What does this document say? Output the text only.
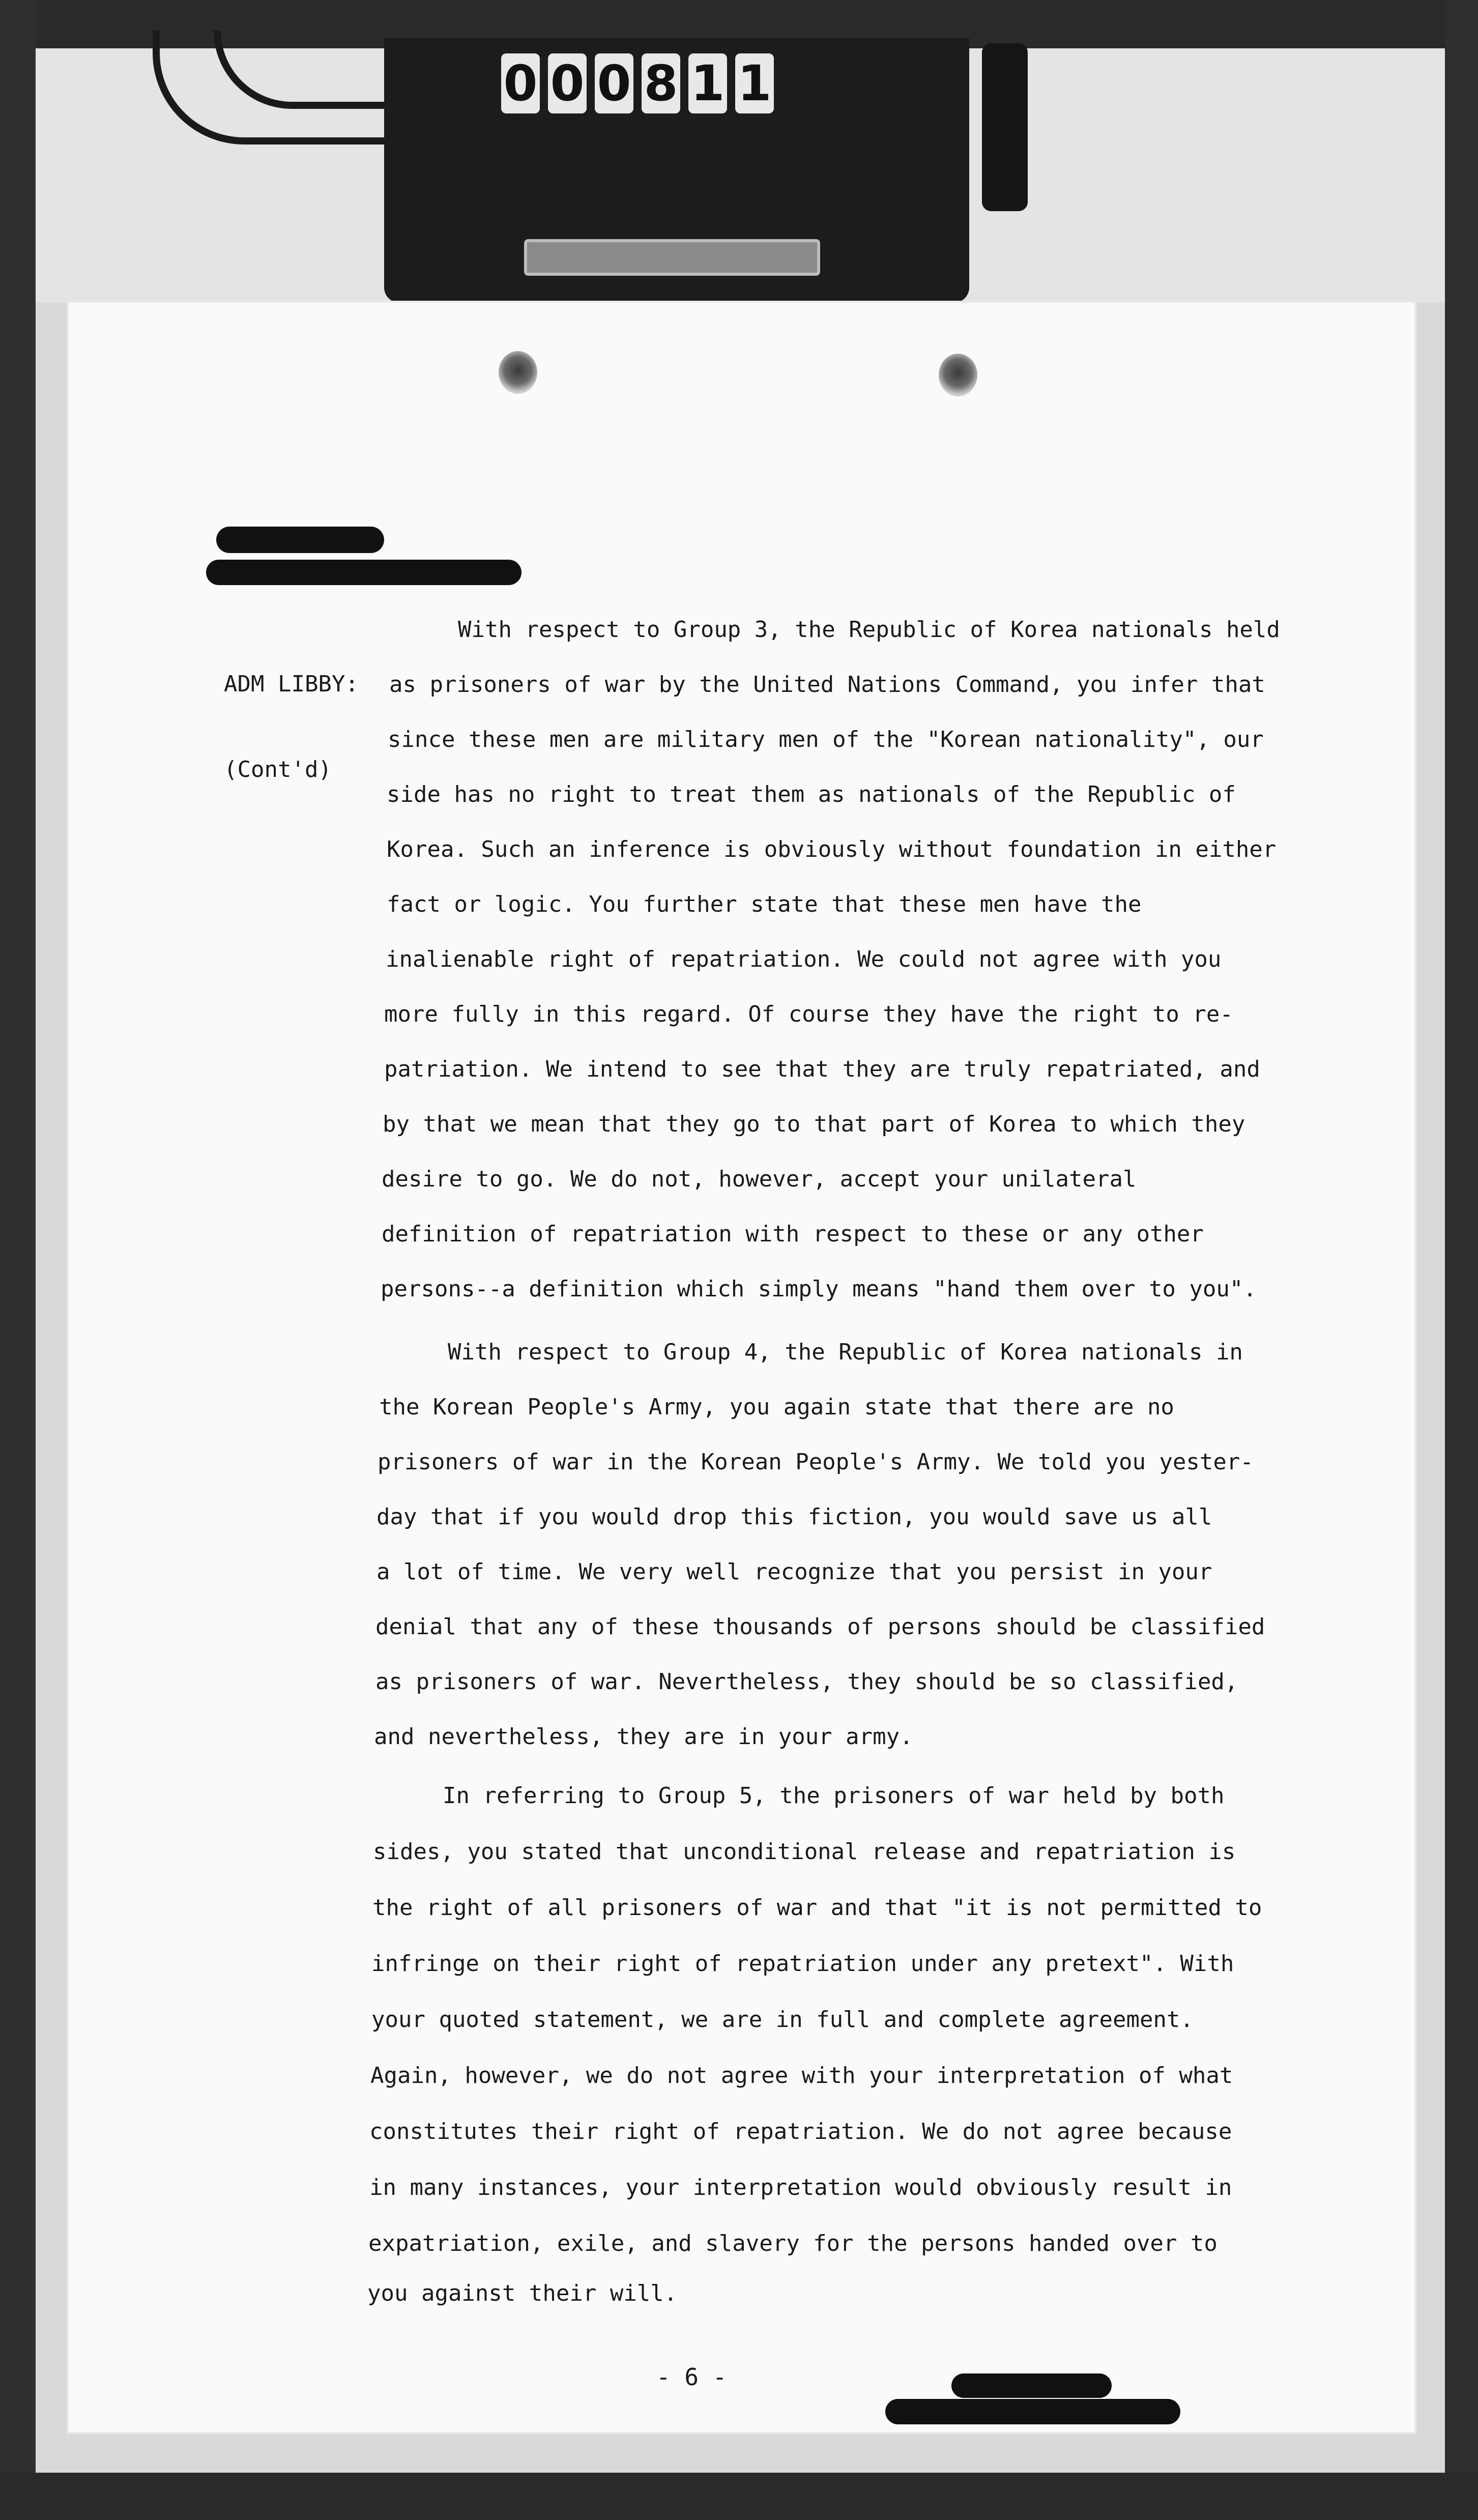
0 0 0 8 1 1

ADM LIBBY:

(Cont'd)

With respect to Group 3, the Republic of Korea nationals held
as prisoners of war by the United Nations Command, you infer that
since these men are military men of the "Korean nationality", our
side has no right to treat them as nationals of the Republic of
Korea. Such an inference is obviously without foundation in either
fact or logic. You further state that these men have the
inalienable right of repatriation. We could not agree with you
more fully in this regard. Of course they have the right to re-
patriation. We intend to see that they are truly repatriated, and
by that we mean that they go to that part of Korea to which they
desire to go. We do not, however, accept your unilateral
definition of repatriation with respect to these or any other
persons--a definition which simply means "hand them over to you".
With respect to Group 4, the Republic of Korea nationals in
the Korean People's Army, you again state that there are no
prisoners of war in the Korean People's Army. We told you yester-
day that if you would drop this fiction, you would save us all
a lot of time. We very well recognize that you persist in your
denial that any of these thousands of persons should be classified
as prisoners of war. Nevertheless, they should be so classified,
and nevertheless, they are in your army.
In referring to Group 5, the prisoners of war held by both
sides, you stated that unconditional release and repatriation is
the right of all prisoners of war and that "it is not permitted to
infringe on their right of repatriation under any pretext". With
your quoted statement, we are in full and complete agreement.
Again, however, we do not agree with your interpretation of what
constitutes their right of repatriation. We do not agree because
in many instances, your interpretation would obviously result in
expatriation, exile, and slavery for the persons handed over to
you against their will.
- 6 -
